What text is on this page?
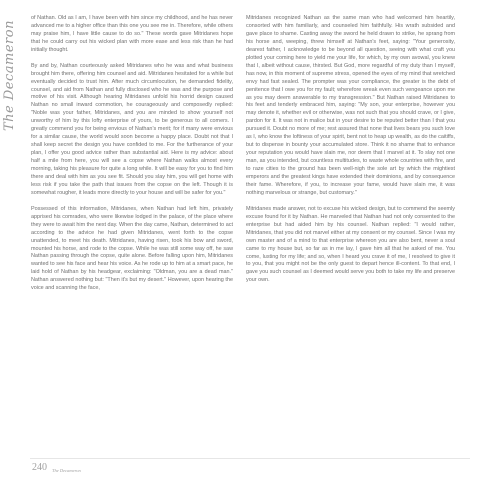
The Decameron

of Nathan. Old as I am, I have been with him since my childhood, and he has never advanced me to a higher office than this one you see me in. Therefore, while others may praise him, I have little cause to do so." These words gave Mitridanes hope that he could carry out his wicked plan with more ease and less risk than he had initially thought.

By and by, Nathan courteously asked Mitridanes who he was and what business brought him there, offering him counsel and aid. Mitridanes hesitated for a while but eventually decided to trust him. After much circumlocution, he demanded fidelity, counsel, and aid from Nathan and fully disclosed who he was and the purpose and motive of his visit. Although hearing Mitridanes unfold his horrid design caused Nathan no small inward commotion, he courageously and composedly replied: "Noble was your father, Mitridanes, and you are minded to show yourself not unworthy of him by this lofty enterprise of yours, to be generous to all comers. I greatly commend you for being envious of Nathan's merit; for if many were envious for a similar cause, the world would soon become a happy place. Doubt not that I shall keep secret the design you have confided to me. For the furtherance of your plan, I offer you good advice rather than substantial aid. Here is my advice: about half a mile from here, you will see a copse where Nathan walks almost every morning, taking his pleasure for quite a long while. It will be easy for you to find him there and deal with him as you see fit. Should you slay him, you will get home with less risk if you take the path that issues from the copse on the left. Though it is somewhat rougher, it leads more directly to your house and will be safer for you."

Possessed of this information, Mitridanes, when Nathan had left him, privately apprised his comrades, who were likewise lodged in the palace, of the place where they were to await him the next day. When the day came, Nathan, determined to act according to the advice he had given Mitridanes, went forth to the copse unattended, to meet his death. Mitridanes, having risen, took his bow and sword, mounted his horse, and rode to the copse. While he was still some way off, he saw Nathan passing through the copse, quite alone. Before falling upon him, Mitridanes wanted to see his face and hear his voice. As he rode up to him at a smart pace, he laid hold of Nathan by his headgear, exclaiming: "Oldman, you are a dead man." Nathan answered nothing but: "Then it's but my desert." However, upon hearing the voice and scanning the face,

Mitridanes recognized Nathan as the same man who had welcomed him heartily, consorted with him familiarly, and counseled him faithfully. His wrath subsided and gave place to shame. Casting away the sword he held drawn to strike, he sprang from his horse and, weeping, threw himself at Nathan's feet, saying: "Your generosity, dearest father, I acknowledge to be beyond all question, seeing with what craft you plotted your coming here to yield me your life, for which, by my own avowal, you knew that I, albeit without cause, thirsted. But God, more regardful of my duty than I myself, has now, in this moment of supreme stress, opened the eyes of my mind that wretched envy had fast sealed. The prompter was your compliance, the greater is the debt of penitence that I owe you for my fault; wherefore wreak even such vengeance upon me as you may deem answerable to my transgression." But Nathan raised Mitridanes to his feet and tenderly embraced him, saying: "My son, your enterprise, however you may denote it, whether evil or otherwise, was not such that you should crave, or I give, pardon for it. It was not in malice but in your desire to be reputed better than I that you pursued it. Doubt no more of me; rest assured that none that lives bears you such love as I, who know the loftiness of your spirit, bent not to heap up wealth, as do the caitiffs, but to dispense in bounty your accumulated store. Think it no shame that to enhance your reputation you would have slain me, nor deem that I marvel at it. To slay not one man, as you intended, but countless multitudes, to waste whole countries with fire, and to raze cities to the ground has been well-nigh the sole art by which the mightiest emperors and the greatest kings have extended their dominions, and by consequence their fame. Wherefore, if you, to increase your fame, would have slain me, it was nothing marvelous or strange, but customary."

Mitridanes made answer, not to excuse his wicked design, but to commend the seemly excuse found for it by Nathan. He marveled that Nathan had not only consented to the enterprise but had aided him by his counsel. Nathan replied: "I would rather, Mitridanes, that you did not marvel either at my consent or my counsel. Since I was my own master and of a mind to that enterprise whereon you are also bent, never a soul came to my house but, so far as in me lay, I gave him all that he asked of me. You come, lusting for my life; and so, when I heard you crave it of me, I resolved to give it to you, that you might not be the only guest to depart hence ill-content. To that end, I gave you such counsel as I deemed would serve you both to take my life and preserve your own.

240 The Decameron
